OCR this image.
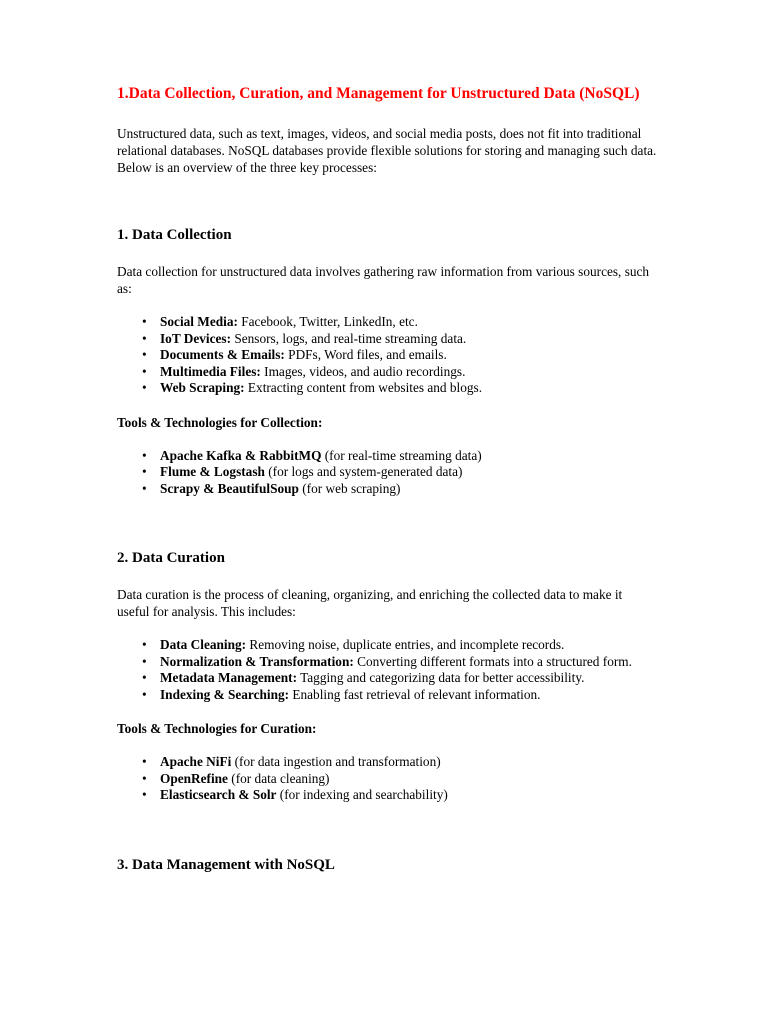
1.Data Collection, Curation, and Management for Unstructured Data (NoSQL)

Unstructured data, such as text, images, videos, and social media posts, does not fit into traditional relational databases. NoSQL databases provide flexible solutions for storing and managing such data. Below is an overview of the three key processes:

1. Data Collection

Data collection for unstructured data involves gathering raw information from various sources, such as:

• Social Media: Facebook, Twitter, LinkedIn, etc.
• IoT Devices: Sensors, logs, and real-time streaming data.
• Documents & Emails: PDFs, Word files, and emails.
• Multimedia Files: Images, videos, and audio recordings.
• Web Scraping: Extracting content from websites and blogs.

Tools & Technologies for Collection:

• Apache Kafka & RabbitMQ (for real-time streaming data)
• Flume & Logstash (for logs and system-generated data)
• Scrapy & BeautifulSoup (for web scraping)
2. Data Curation

Data curation is the process of cleaning, organizing, and enriching the collected data to make it useful for analysis. This includes:

• Data Cleaning: Removing noise, duplicate entries, and incomplete records.
• Normalization & Transformation: Converting different formats into a structured form.
• Metadata Management: Tagging and categorizing data for better accessibility.
• Indexing & Searching: Enabling fast retrieval of relevant information.

Tools & Technologies for Curation:

• Apache NiFi (for data ingestion and transformation)
• OpenRefine (for data cleaning)
• Elasticsearch & Solr (for indexing and searchability)
3. Data Management with NoSQL
